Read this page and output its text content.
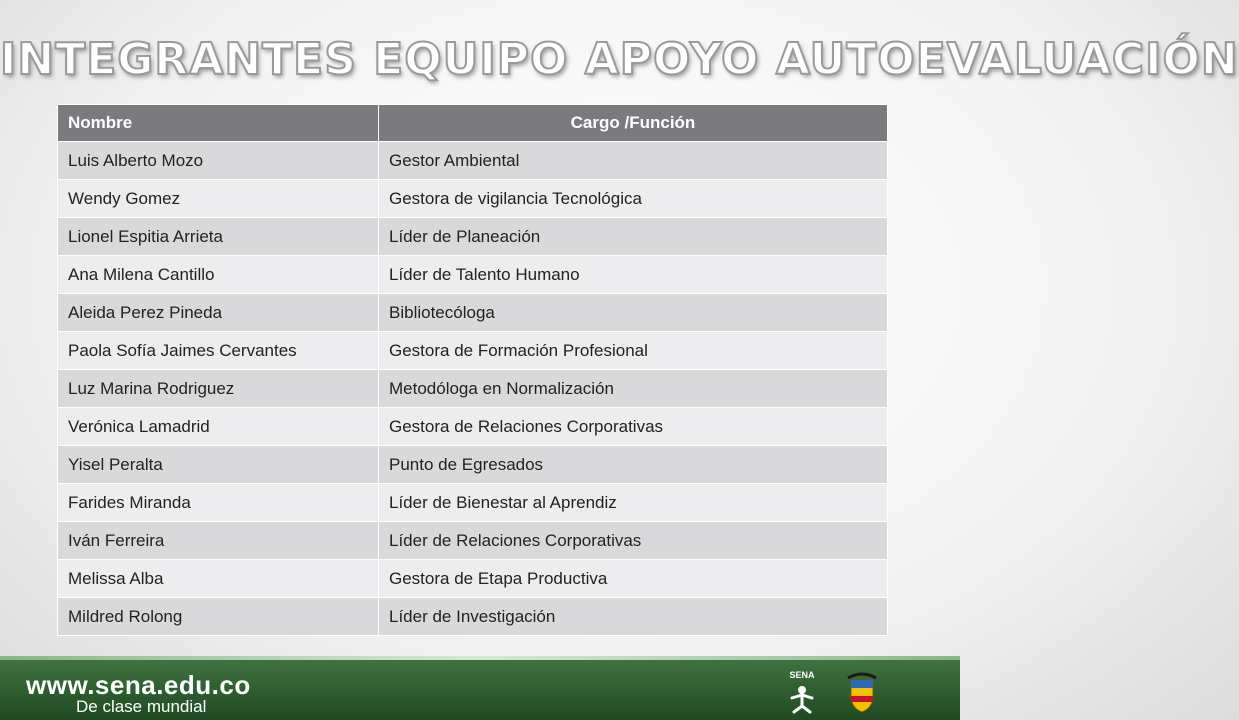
INTEGRANTES EQUIPO APOYO AUTOEVALUACIÓN
Nombre	Cargo /Función
Luis Alberto Mozo	Gestor Ambiental
Wendy Gomez	Gestora de vigilancia Tecnológica
Lionel Espitia Arrieta	Líder de Planeación
Ana Milena Cantillo	Líder de Talento Humano
Aleida Perez Pineda	Bibliotecóloga
Paola Sofía Jaimes Cervantes	Gestora de Formación Profesional
Luz Marina Rodriguez	Metodóloga en Normalización
Verónica Lamadrid	Gestora de Relaciones Corporativas
Yisel Peralta	Punto de Egresados
Farides Miranda	Líder de Bienestar al Aprendiz
Iván Ferreira	Líder de Relaciones Corporativas
Melissa Alba	Gestora de Etapa Productiva
Mildred Rolong	Líder de Investigación
www.sena.edu.co
De clase mundial
SENA
